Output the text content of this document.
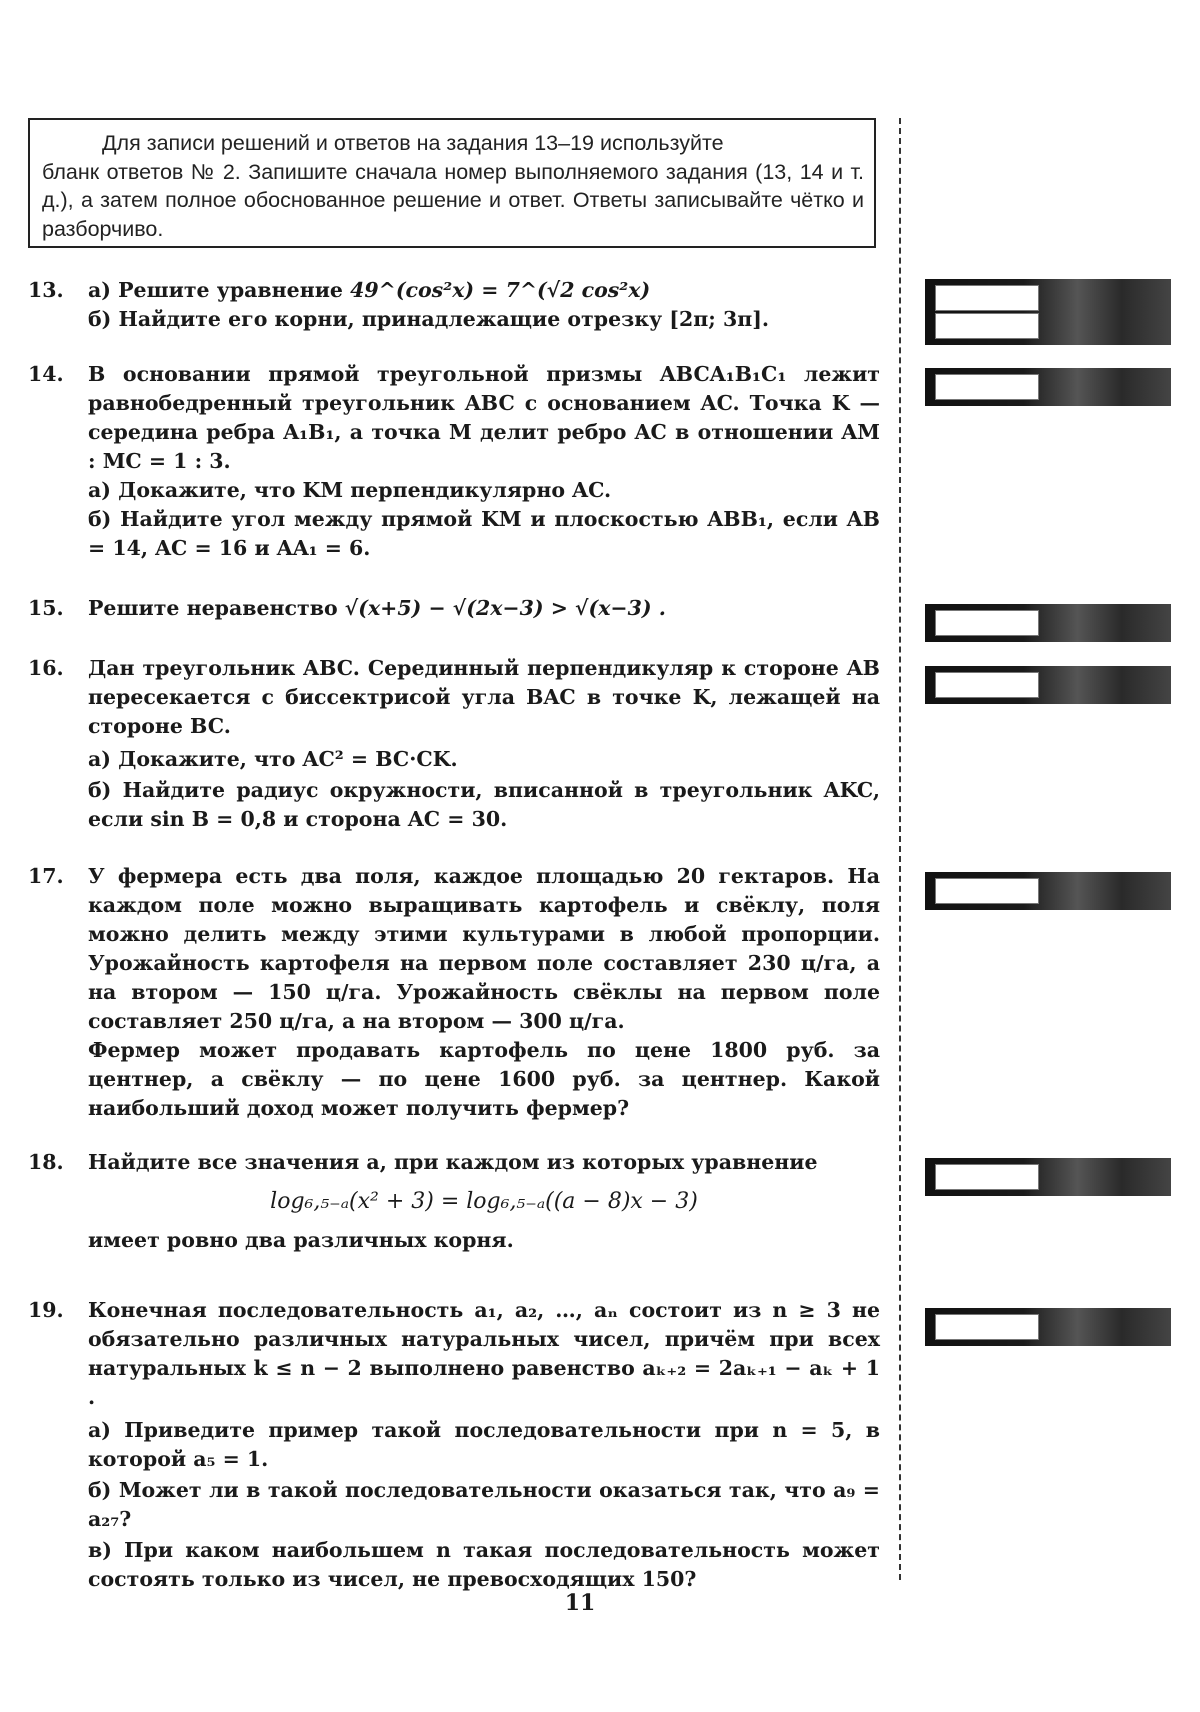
Для записи решений и ответов на задания 13–19 используйте
бланк ответов № 2. Запишите сначала номер выполняемого задания (13, 14 и т. д.), а затем полное обоснованное решение и ответ. Ответы записывайте чётко и разборчиво.
13.	а) Решите уравнение 49^(cos²x) = 7^(√2 cos²x)

б) Найдите его корни, принадлежащие отрезку [2π; 3π].

14.	В основании прямой треугольной призмы ABCA₁B₁C₁ лежит равнобедренный треугольник ABC с основанием AC. Точка K — середина ребра A₁B₁, а точка M делит ребро AC в отношении AM : MC = 1 : 3.

а) Докажите, что KM перпендикулярно AC.

б) Найдите угол между прямой KM и плоскостью ABB₁, если AB = 14, AC = 16 и AA₁ = 6.

15.	Решите неравенство √(x+5) − √(2x−3) > √(x−3) .

16.	Дан треугольник ABC. Серединный перпендикуляр к стороне AB пересекается с биссектрисой угла BAC в точке K, лежащей на стороне BC.

а) Докажите, что AC² = BC·CK.

б) Найдите радиус окружности, вписанной в треугольник AKC, если sin B = 0,8 и сторона AC = 30.

17.	У фермера есть два поля, каждое площадью 20 гектаров. На каждом поле можно выращивать картофель и свёклу, поля можно делить между этими культурами в любой пропорции. Урожайность картофеля на первом поле составляет 230 ц/га, а на втором — 150 ц/га. Урожайность свёклы на первом поле составляет 250 ц/га, а на втором — 300 ц/га.

Фермер может продавать картофель по цене 1800 руб. за центнер, а свёклу — по цене 1600 руб. за центнер. Какой наибольший доход может получить фермер?

18.	Найдите все значения a, при каждом из которых уравнение

log₆,₅₋ₐ(x² + 3) = log₆,₅₋ₐ((a − 8)x − 3)

имеет ровно два различных корня.

19.	Конечная последовательность a₁, a₂, …, aₙ состоит из n ≥ 3 не обязательно различных натуральных чисел, причём при всех натуральных k ≤ n − 2 выполнено равенство aₖ₊₂ = 2aₖ₊₁ − aₖ + 1 .

а) Приведите пример такой последовательности при n = 5, в которой a₅ = 1.

б) Может ли в такой последовательности оказаться так, что a₉ = a₂₇?

в) При каком наибольшем n такая последовательность может состоять только из чисел, не превосходящих 150?

11
